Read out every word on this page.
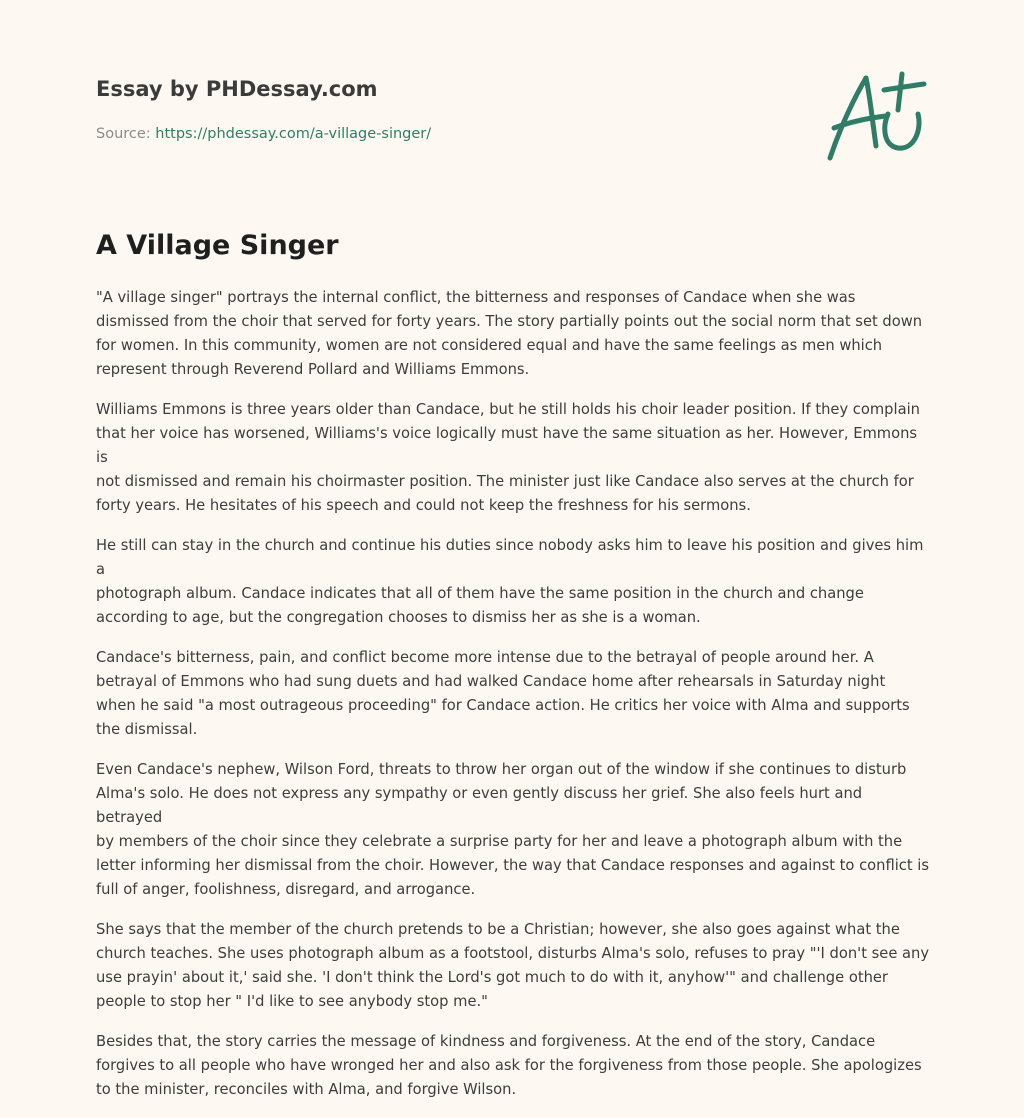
Essay by PHDessay.com
Source: https://phdessay.com/a-village-singer/
A Village Singer

"A village singer" portrays the internal conflict, the bitterness and responses of Candace when she was
dismissed from the choir that served for forty years. The story partially points out the social norm that set down
for women. In this community, women are not considered equal and have the same feelings as men which
represent through Reverend Pollard and Williams Emmons.

Williams Emmons is three years older than Candace, but he still holds his choir leader position. If they complain
that her voice has worsened, Williams's voice logically must have the same situation as her. However, Emmons is
not dismissed and remain his choirmaster position. The minister just like Candace also serves at the church for
forty years. He hesitates of his speech and could not keep the freshness for his sermons.

He still can stay in the church and continue his duties since nobody asks him to leave his position and gives him a
photograph album. Candace indicates that all of them have the same position in the church and change
according to age, but the congregation chooses to dismiss her as she is a woman.

Candace's bitterness, pain, and conflict become more intense due to the betrayal of people around her. A
betrayal of Emmons who had sung duets and had walked Candace home after rehearsals in Saturday night
when he said "a most outrageous proceeding" for Candace action. He critics her voice with Alma and supports
the dismissal.

Even Candace's nephew, Wilson Ford, threats to throw her organ out of the window if she continues to disturb
Alma's solo. He does not express any sympathy or even gently discuss her grief. She also feels hurt and betrayed
by members of the choir since they celebrate a surprise party for her and leave a photograph album with the
letter informing her dismissal from the choir. However, the way that Candace responses and against to conflict is
full of anger, foolishness, disregard, and arrogance.

She says that the member of the church pretends to be a Christian; however, she also goes against what the
church teaches. She uses photograph album as a footstool, disturbs Alma's solo, refuses to pray "'I don't see any
use prayin' about it,' said she. 'I don't think the Lord's got much to do with it, anyhow'" and challenge other
people to stop her " I'd like to see anybody stop me."

Besides that, the story carries the message of kindness and forgiveness. At the end of the story, Candace
forgives to all people who have wronged her and also ask for the forgiveness from those people. She apologizes
to the minister, reconciles with Alma, and forgive Wilson.
